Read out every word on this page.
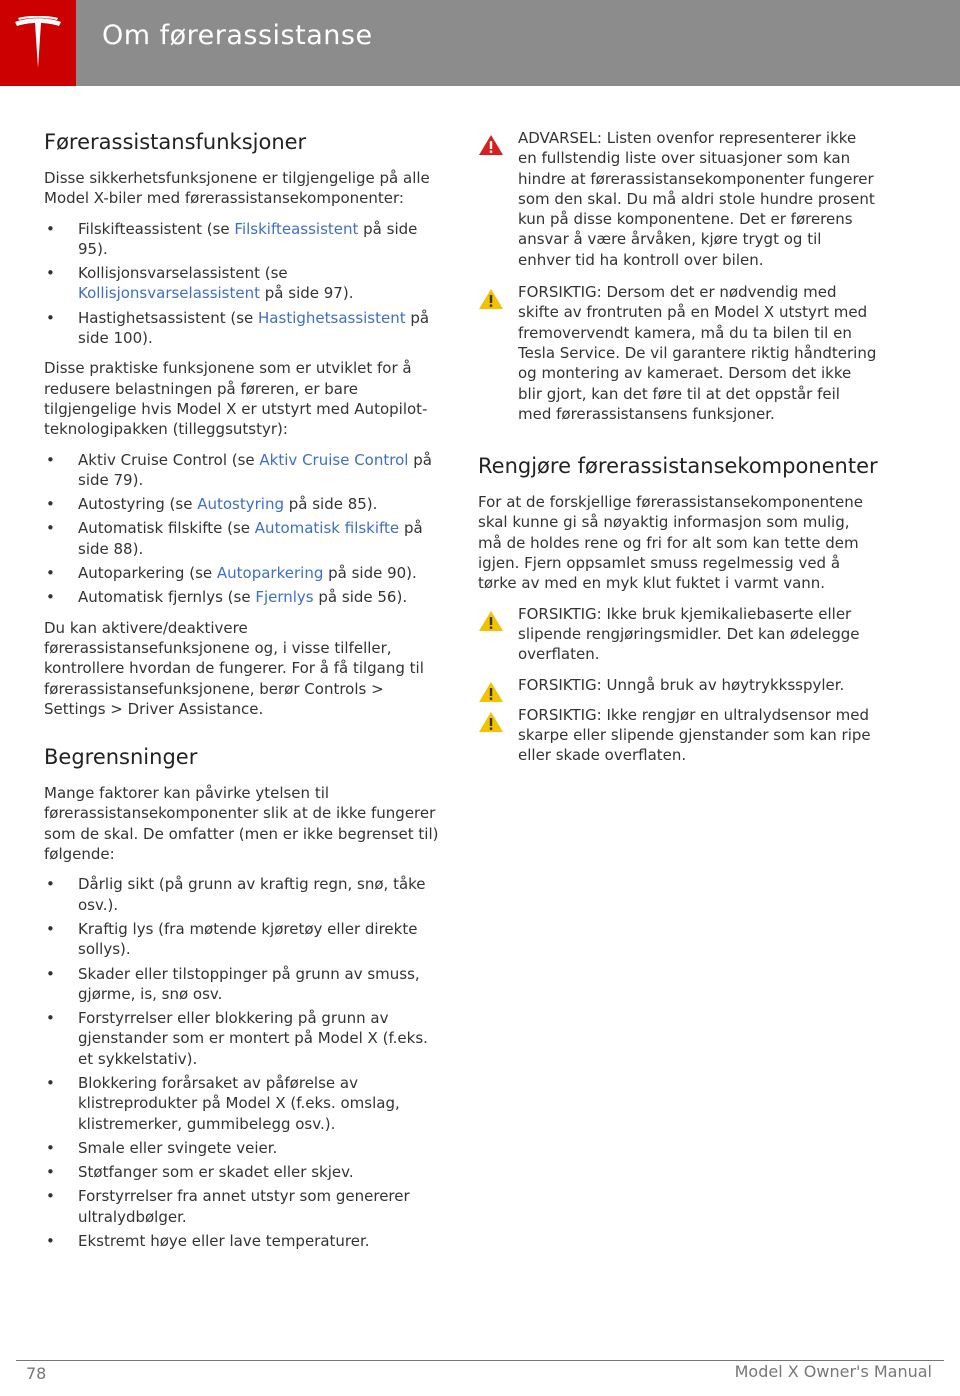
Om førerassistanse
Førerassistansfunksjoner

Disse sikkerhetsfunksjonene er tilgjengelige på alle Model X-biler med førerassistansekomponenter:

• Filskifteassistent (se Filskifteassistent på side 95).
• Kollisjonsvarselassistent (se Kollisjonsvarselassistent på side 97).
• Hastighetsassistent (se Hastighetsassistent på side 100).

Disse praktiske funksjonene som er utviklet for å redusere belastningen på føreren, er bare tilgjengelige hvis Model X er utstyrt med Autopilot-teknologipakken (tilleggsutstyr):

• Aktiv Cruise Control (se Aktiv Cruise Control på side 79).
• Autostyring (se Autostyring på side 85).
• Automatisk filskifte (se Automatisk filskifte på side 88).
• Autoparkering (se Autoparkering på side 90).
• Automatisk fjernlys (se Fjernlys på side 56).

Du kan aktivere/deaktivere førerassistansefunksjonene og, i visse tilfeller, kontrollere hvordan de fungerer. For å få tilgang til førerassistansefunksjonene, berør Controls > Settings > Driver Assistance.

Begrensninger

Mange faktorer kan påvirke ytelsen til førerassistansekomponenter slik at de ikke fungerer som de skal. De omfatter (men er ikke begrenset til) følgende:

• Dårlig sikt (på grunn av kraftig regn, snø, tåke osv.).
• Kraftig lys (fra møtende kjøretøy eller direkte sollys).
• Skader eller tilstoppinger på grunn av smuss, gjørme, is, snø osv.
• Forstyrrelser eller blokkering på grunn av gjenstander som er montert på Model X (f.eks. et sykkelstativ).
• Blokkering forårsaket av påførelse av klistreprodukter på Model X (f.eks. omslag, klistremerker, gummibelegg osv.).
• Smale eller svingete veier.
• Støtfanger som er skadet eller skjev.
• Forstyrrelser fra annet utstyr som genererer ultralydbølger.
• Ekstremt høye eller lave temperaturer.

ADVARSEL: Listen ovenfor representerer ikke en fullstendig liste over situasjoner som kan hindre at førerassistansekomponenter fungerer som den skal. Du må aldri stole hundre prosent kun på disse komponentene. Det er førerens ansvar å være årvåken, kjøre trygt og til enhver tid ha kontroll over bilen.

FORSIKTIG: Dersom det er nødvendig med skifte av frontruten på en Model X utstyrt med fremovervendt kamera, må du ta bilen til en Tesla Service. De vil garantere riktig håndtering og montering av kameraet. Dersom det ikke blir gjort, kan det føre til at det oppstår feil med førerassistansens funksjoner.

Rengjøre førerassistansekomponenter

For at de forskjellige førerassistansekomponentene skal kunne gi så nøyaktig informasjon som mulig, må de holdes rene og fri for alt som kan tette dem igjen. Fjern oppsamlet smuss regelmessig ved å tørke av med en myk klut fuktet i varmt vann.

FORSIKTIG: Ikke bruk kjemikaliebaserte eller slipende rengjøringsmidler. Det kan ødelegge overflaten.

FORSIKTIG: Unngå bruk av høytrykksspyler.

FORSIKTIG: Ikke rengjør en ultralydsensor med skarpe eller slipende gjenstander som kan ripe eller skade overflaten.

78	Model X Owner's Manual
